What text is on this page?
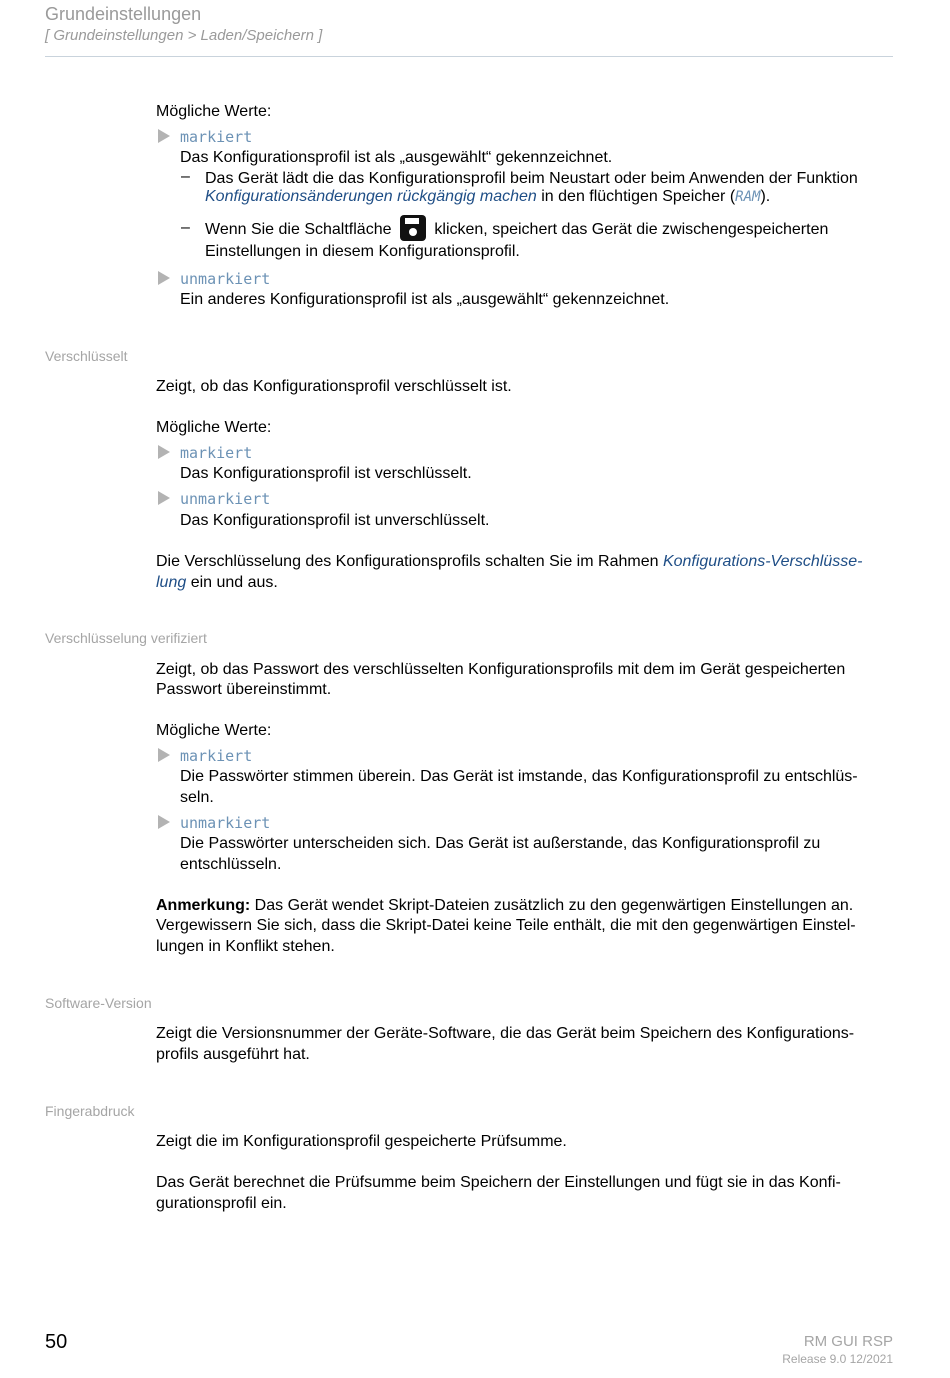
Grundeinstellungen
[ Grundeinstellungen > Laden/Speichern ]
Mögliche Werte:
markiert
Das Konfigurationsprofil ist als „ausgewählt“ gekennzeichnet.
– Das Gerät lädt die das Konfigurationsprofil beim Neustart oder beim Anwenden der Funktion
Konfigurationsänderungen rückgängig machen in den flüchtigen Speicher (RAM).
– Wenn Sie die Schaltfläche	klicken, speichert das Gerät die zwischengespeicherten
Einstellungen in diesem Konfigurationsprofil.
unmarkiert
Ein anderes Konfigurationsprofil ist als „ausgewählt“ gekennzeichnet.
Verschlüsselt
Zeigt, ob das Konfigurationsprofil verschlüsselt ist.
Mögliche Werte:
markiert
Das Konfigurationsprofil ist verschlüsselt.
unmarkiert
Das Konfigurationsprofil ist unverschlüsselt.
Die Verschlüsselung des Konfigurationsprofils schalten Sie im Rahmen Konfigurations-Verschlüsse-
lung ein und aus.
Verschlüsselung verifiziert
Zeigt, ob das Passwort des verschlüsselten Konfigurationsprofils mit dem im Gerät gespeicherten
Passwort übereinstimmt.
Mögliche Werte:
markiert
Die Passwörter stimmen überein. Das Gerät ist imstande, das Konfigurationsprofil zu entschlüs-
seln.
unmarkiert
Die Passwörter unterscheiden sich. Das Gerät ist außerstande, das Konfigurationsprofil zu
entschlüsseln.
Anmerkung: Das Gerät wendet Skript-Dateien zusätzlich zu den gegenwärtigen Einstellungen an.
Vergewissern Sie sich, dass die Skript-Datei keine Teile enthält, die mit den gegenwärtigen Einstel-
lungen in Konflikt stehen.
Software-Version
Zeigt die Versionsnummer der Geräte-Software, die das Gerät beim Speichern des Konfigurations-
profils ausgeführt hat.
Fingerabdruck
Zeigt die im Konfigurationsprofil gespeicherte Prüfsumme.
Das Gerät berechnet die Prüfsumme beim Speichern der Einstellungen und fügt sie in das Konfi-
gurationsprofil ein.
50	RM GUI RSP
Release 9.0 12/2021
